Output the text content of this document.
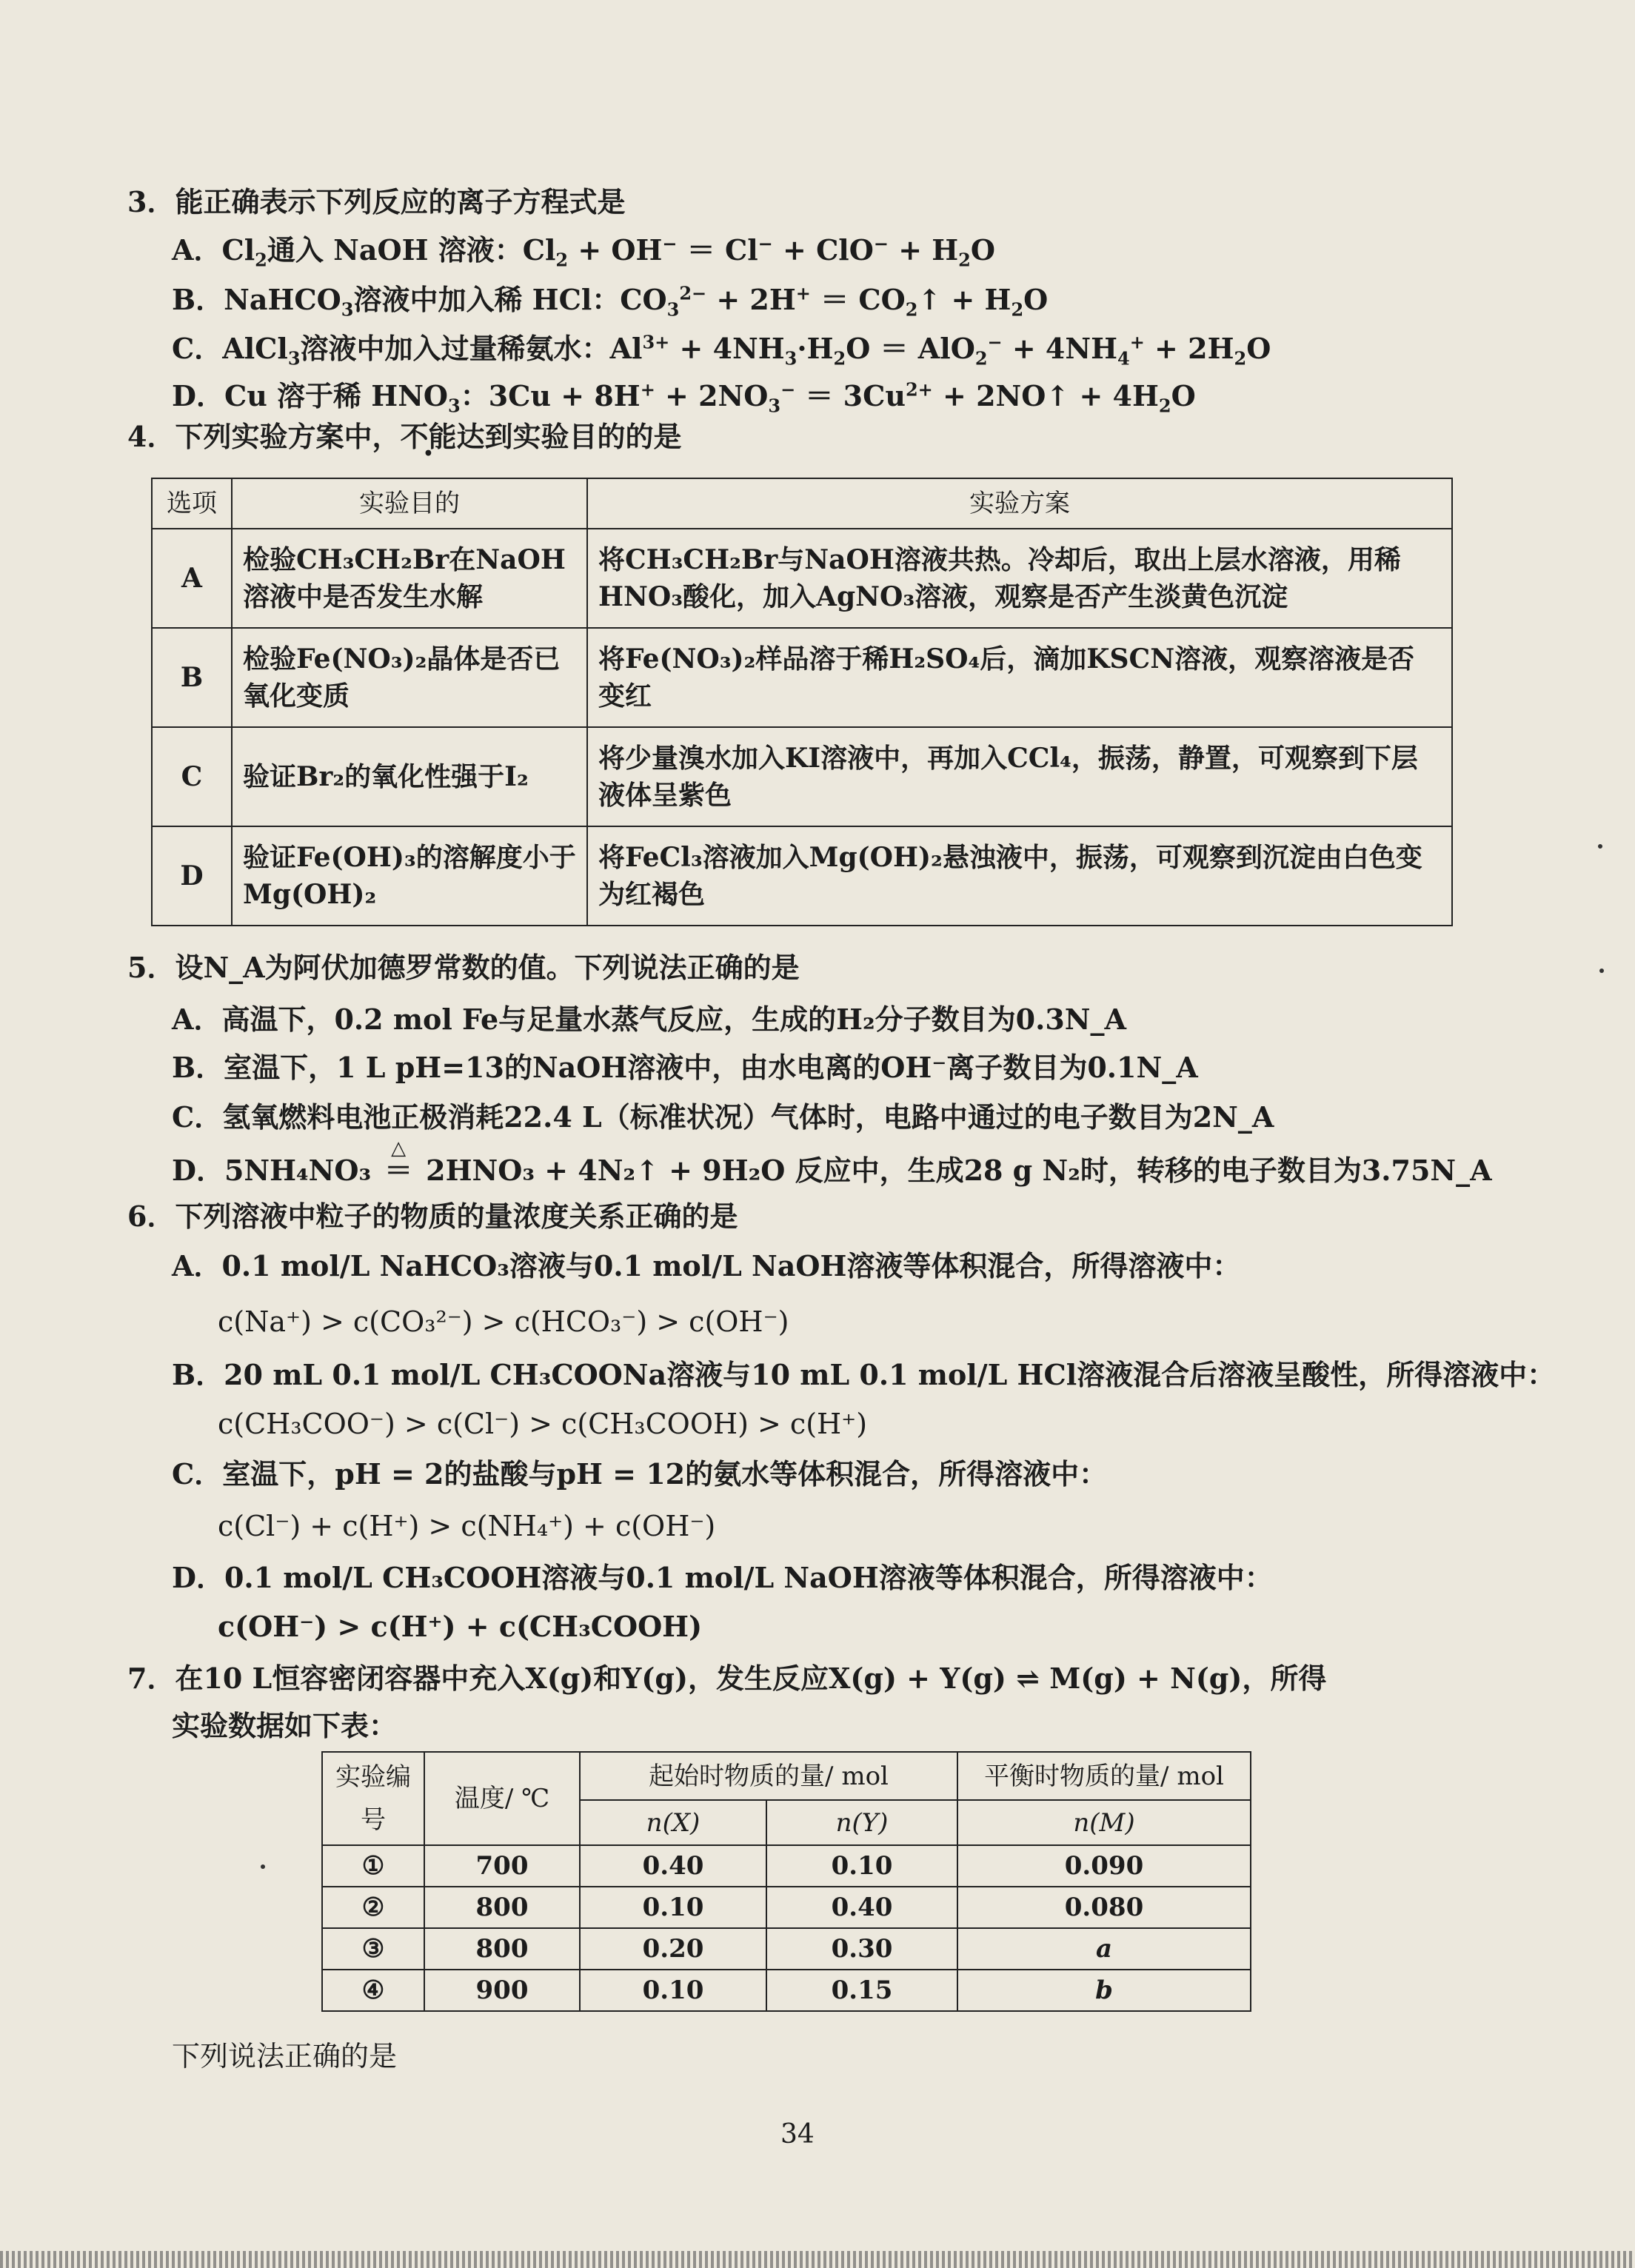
3．能正确表示下列反应的离子方程式是
A．$Cl_2$通入 NaOH 溶液：$Cl_2 + OH^- = Cl^- + ClO^- + H_2O$
B．NaHCO$_3$溶液中加入稀 HCl：$CO_3^{2-} + 2H^+$ ＝ $CO_2↑ + H_2O$
C．AlCl$_3$溶液中加入过量稀氨水：$Al^{3+} + 4NH_3\cdot H_2O = AlO_2^- + 4NH_4^+ + 2H_2O$
D．Cu 溶于稀 $HNO_3$：$3Cu + 8H^+ + 2NO_3^- = 3Cu^{2+}$ + 2NO↑ + $4H_2O$
4．下列实验方案中，不能达到实验目的的是
选项	实验目的	实验方案
A	检验CH₃CH₂Br在NaOH溶液中是否发生水解	将CH₃CH₂Br与NaOH溶液共热。冷却后，取出上层水溶液，用稀HNO₃酸化，加入AgNO₃溶液，观察是否产生淡黄色沉淀
B	检验Fe(NO₃)₂晶体是否已氧化变质	将Fe(NO₃)₂样品溶于稀H₂SO₄后，滴加KSCN溶液，观察溶液是否变红
C	验证Br₂的氧化性强于I₂	将少量溴水加入KI溶液中，再加入CCl₄，振荡，静置，可观察到下层液体呈紫色
D	验证Fe(OH)₃的溶解度小于Mg(OH)₂	将FeCl₃溶液加入Mg(OH)₂悬浊液中，振荡，可观察到沉淀由白色变为红褐色
5．设N_A为阿伏加德罗常数的值。下列说法正确的是
A．高温下，0.2 mol Fe与足量水蒸气反应，生成的H₂分子数目为0.3N_A
B．室温下，1 L pH=13的NaOH溶液中，由水电离的OH⁻离子数目为0.1N_A
C．氢氧燃料电池正极消耗22.4 L（标准状况）气体时，电路中通过的电子数目为2N_A
D．5NH₄NO₃
△
＝ 2HNO₃ + 4N₂↑ + 9H₂O 反应中，生成28 g N₂时，转移的电子数目为3.75N_A
6．下列溶液中粒子的物质的量浓度关系正确的是
A．0.1 mol/L NaHCO₃溶液与0.1 mol/L NaOH溶液等体积混合，所得溶液中：
c(Na⁺) > c(CO₃²⁻) > c(HCO₃⁻) > c(OH⁻)
B．20 mL 0.1 mol/L CH₃COONa溶液与10 mL 0.1 mol/L HCl溶液混合后溶液呈酸性，所得溶液中：
c(CH₃COO⁻) > c(Cl⁻) > c(CH₃COOH) > c(H⁺)
C．室温下，pH = 2的盐酸与pH = 12的氨水等体积混合，所得溶液中：
c(Cl⁻) + c(H⁺) > c(NH₄⁺) + c(OH⁻)
D．0.1 mol/L CH₃COOH溶液与0.1 mol/L NaOH溶液等体积混合，所得溶液中：
c(OH⁻) > c(H⁺) + c(CH₃COOH)
7．在10 L恒容密闭容器中充入X(g)和Y(g)，发生反应X(g) + Y(g) ⇌ M(g) + N(g)，所得
实验数据如下表：
实验编号	温度/ ℃	起始时物质的量/ mol		平衡时物质的量/ mol
		n(X)	n(Y)	n(M)
①	700	0.40	0.10	0.090
②	800	0.10	0.40	0.080
③	800	0.20	0.30	a
④	900	0.10	0.15	b
下列说法正确的是
34
